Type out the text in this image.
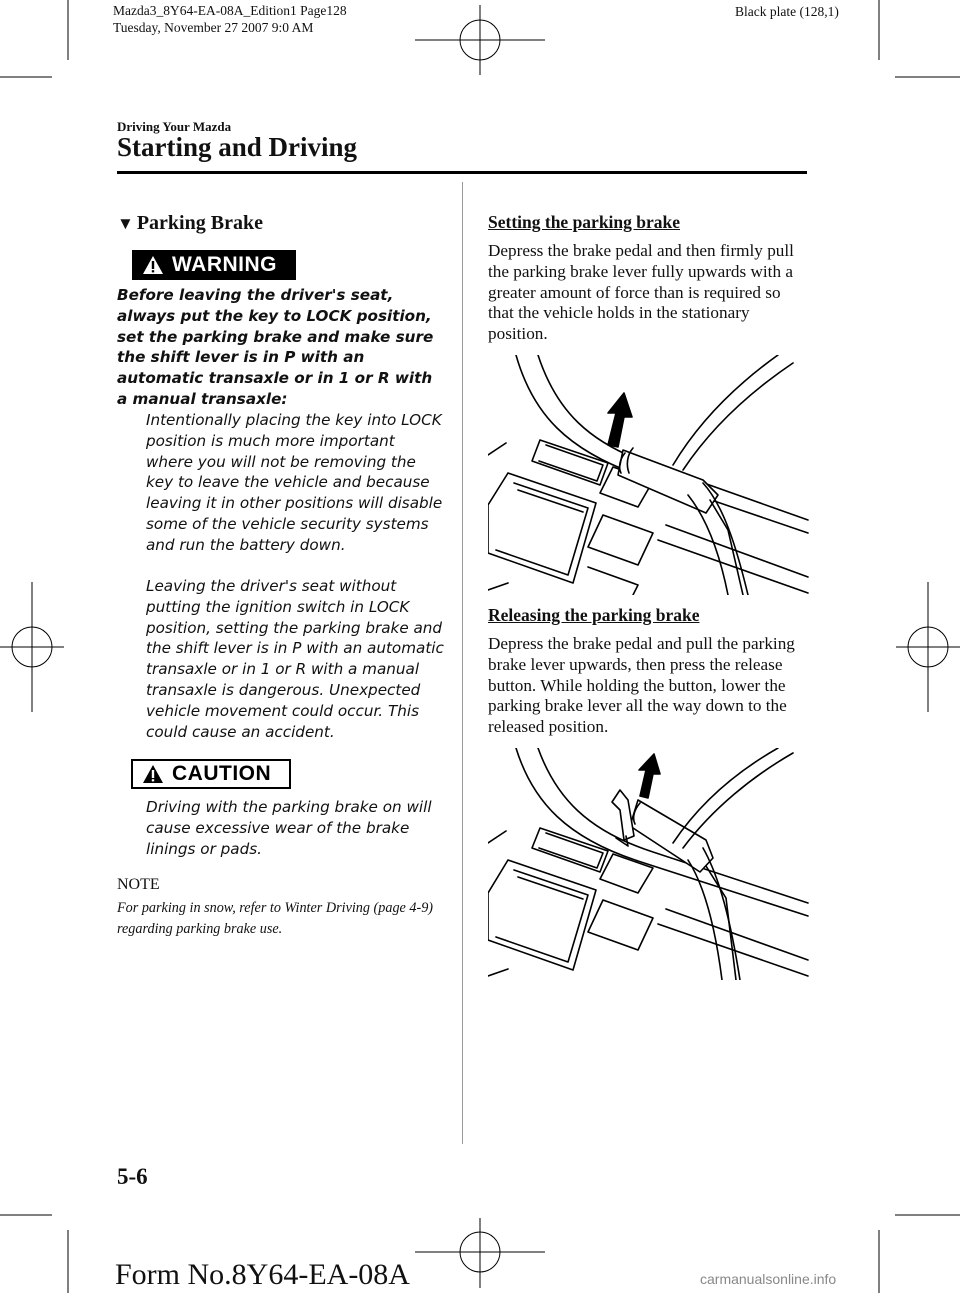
Mazda3_8Y64-EA-08A_Edition1 Page128
Tuesday, November 27 2007 9:0 AM
Black plate (128,1)
Driving Your Mazda
Starting and Driving
▼ Parking Brake
WARNING
Before leaving the driver's seat, always put the key to LOCK position, set the parking brake and make sure the shift lever is in P with an automatic transaxle or in 1 or R with a manual transaxle:
Intentionally placing the key into LOCK position is much more important where you will not be removing the key to leave the vehicle and because leaving it in other positions will disable some of the vehicle security systems and run the battery down.
Leaving the driver's seat without putting the ignition switch in LOCK position, setting the parking brake and the shift lever is in P with an automatic transaxle or in 1 or R with a manual transaxle is dangerous. Unexpected vehicle movement could occur. This could cause an accident.
CAUTION
Driving with the parking brake on will cause excessive wear of the brake linings or pads.
NOTE
For parking in snow, refer to Winter Driving (page 4-9) regarding parking brake use.
Setting the parking brake
Depress the brake pedal and then firmly pull the parking brake lever fully upwards with a greater amount of force than is required so that the vehicle holds in the stationary position.
Releasing the parking brake
Depress the brake pedal and pull the parking brake lever upwards, then press the release button. While holding the button, lower the parking brake lever all the way down to the released position.
5-6
Form No.8Y64-EA-08A	carmanualsonline.info
